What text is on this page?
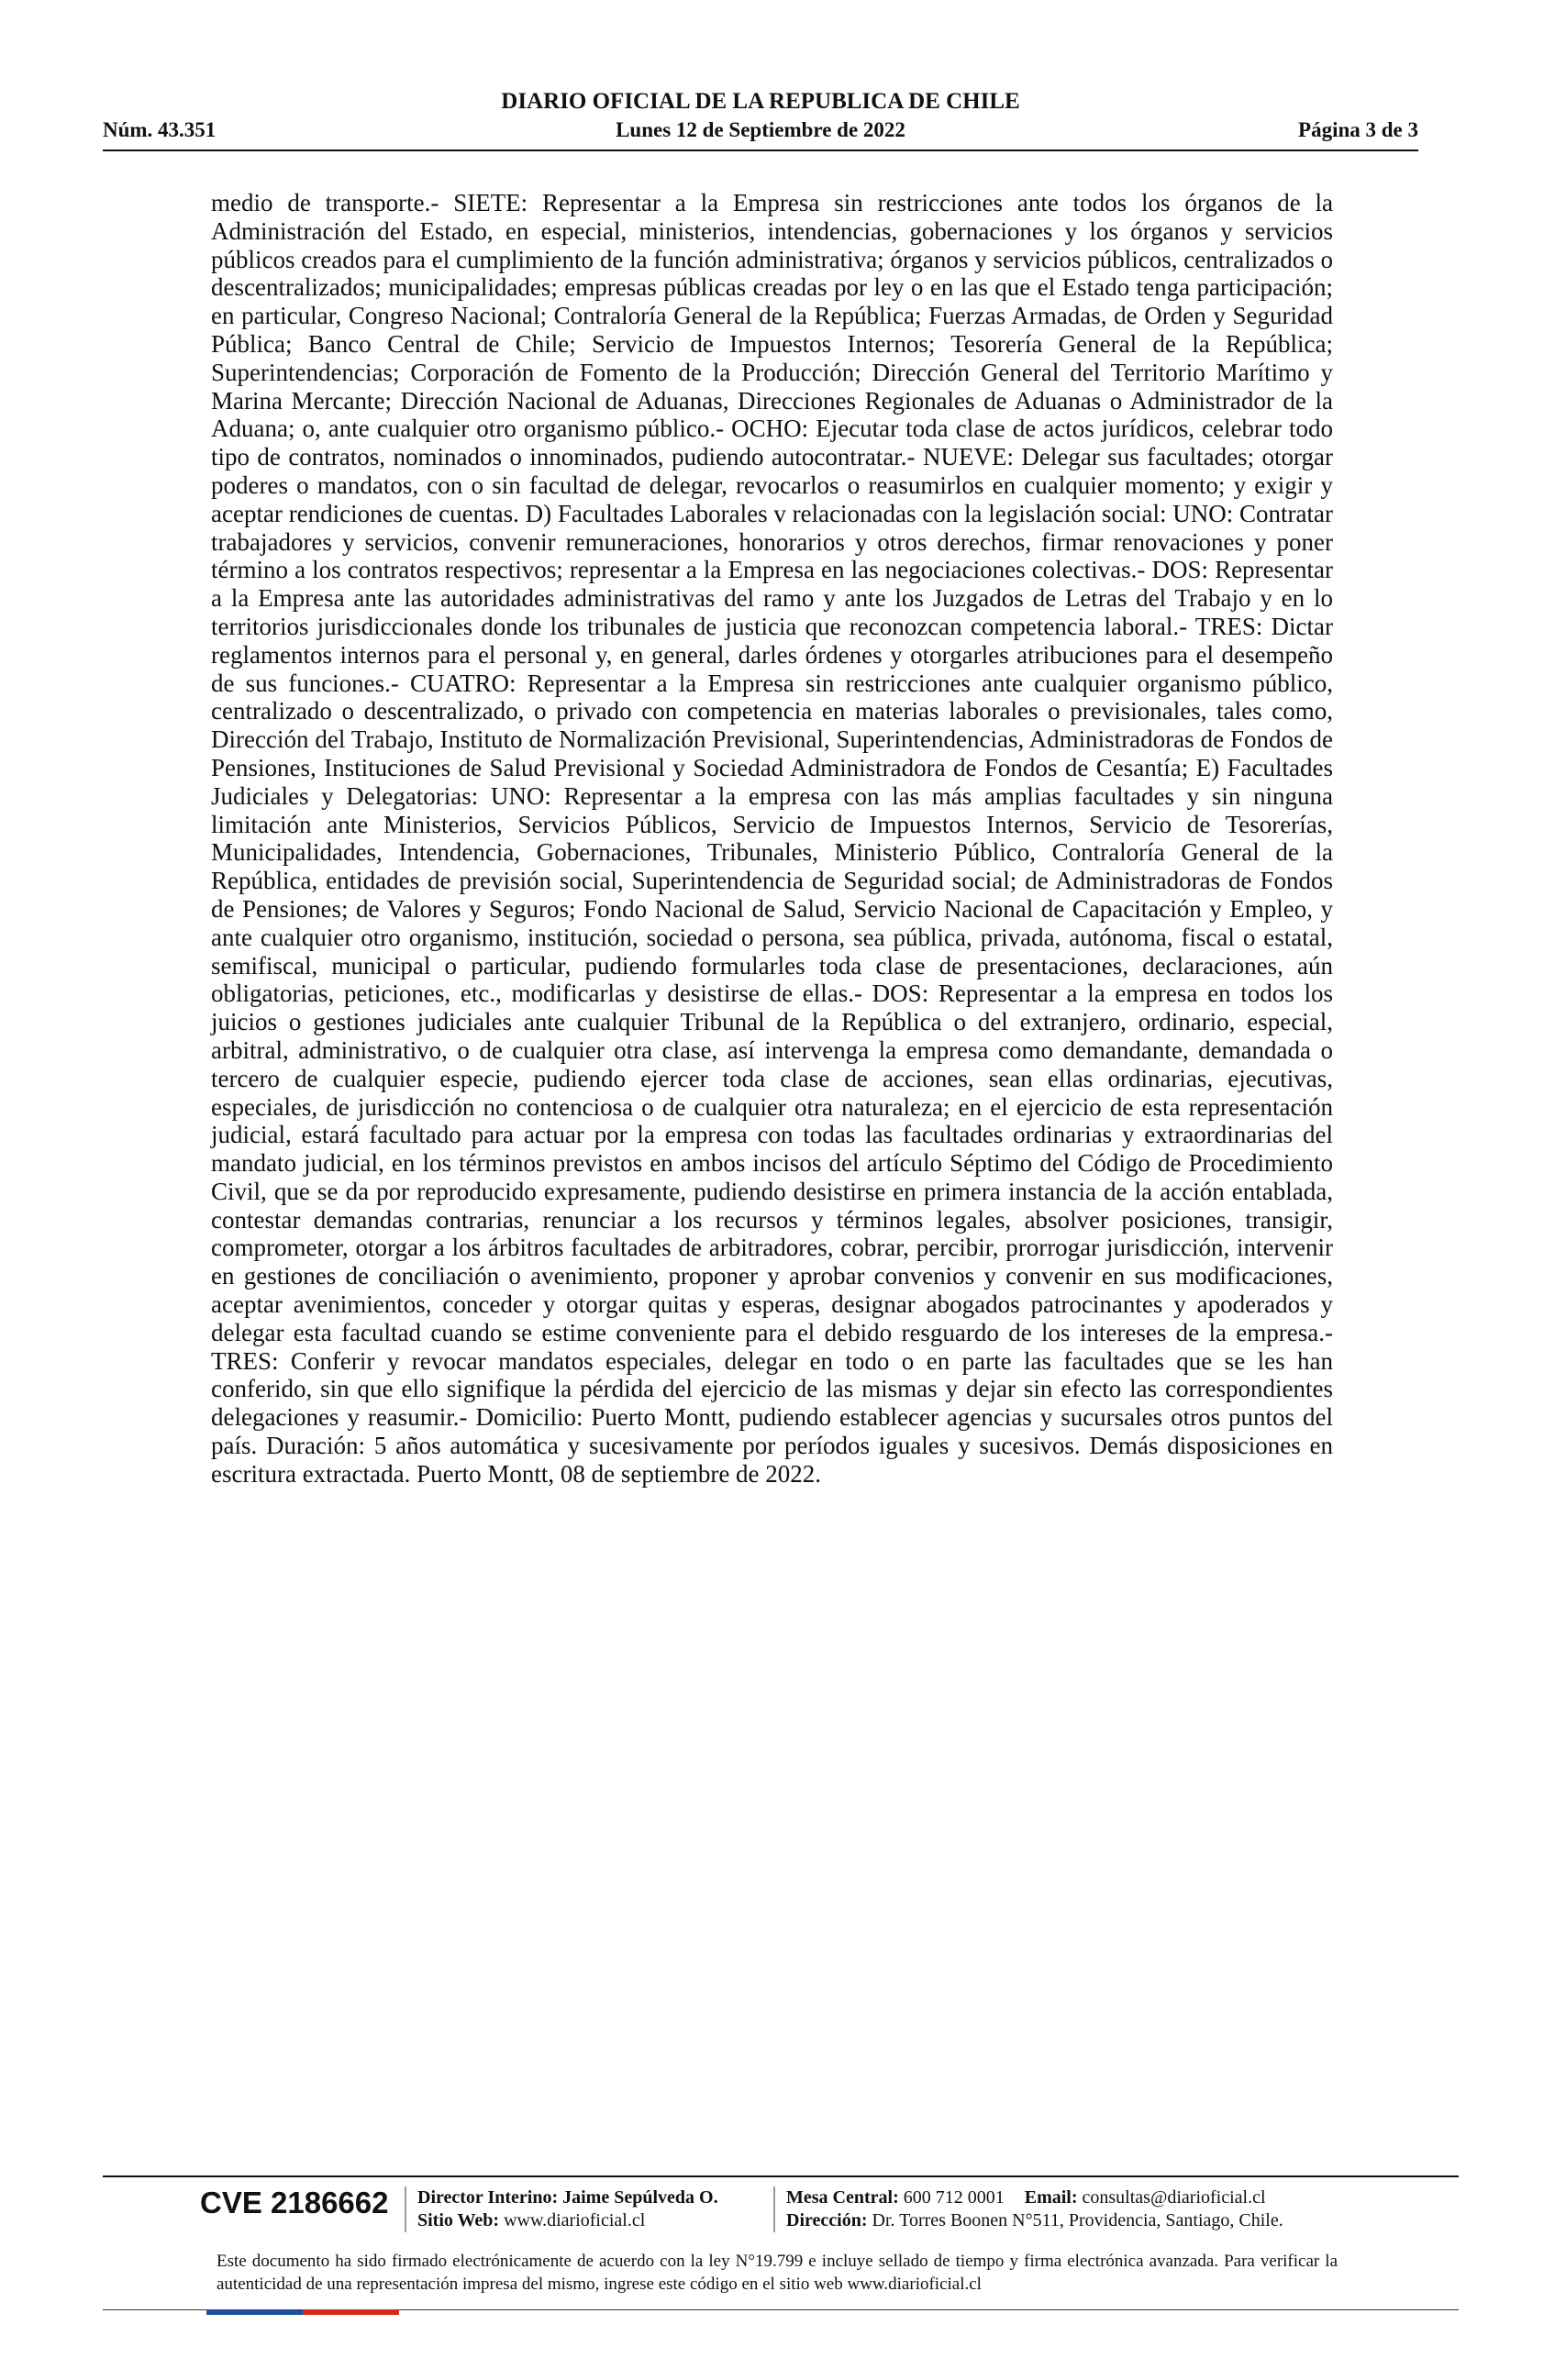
DIARIO OFICIAL DE LA REPUBLICA DE CHILE
Núm. 43.351	Lunes 12 de Septiembre de 2022	Página 3 de 3

medio de transporte.- SIETE: Representar a la Empresa sin restricciones ante todos los órganos de la Administración del Estado, en especial, ministerios, intendencias, gobernaciones y los órganos y servicios públicos creados para el cumplimiento de la función administrativa; órganos y servicios públicos, centralizados o descentralizados; municipalidades; empresas públicas creadas por ley o en las que el Estado tenga participación; en particular, Congreso Nacional; Contraloría General de la República; Fuerzas Armadas, de Orden y Seguridad Pública; Banco Central de Chile; Servicio de Impuestos Internos; Tesorería General de la República; Superintendencias; Corporación de Fomento de la Producción; Dirección General del Territorio Marítimo y Marina Mercante; Dirección Nacional de Aduanas, Direcciones Regionales de Aduanas o Administrador de la Aduana; o, ante cualquier otro organismo público.- OCHO: Ejecutar toda clase de actos jurídicos, celebrar todo tipo de contratos, nominados o innominados, pudiendo autocontratar.- NUEVE: Delegar sus facultades; otorgar poderes o mandatos, con o sin facultad de delegar, revocarlos o reasumirlos en cualquier momento; y exigir y aceptar rendiciones de cuentas. D) Facultades Laborales v relacionadas con la legislación social: UNO: Contratar trabajadores y servicios, convenir remuneraciones, honorarios y otros derechos, firmar renovaciones y poner término a los contratos respectivos; representar a la Empresa en las negociaciones colectivas.- DOS: Representar a la Empresa ante las autoridades administrativas del ramo y ante los Juzgados de Letras del Trabajo y en lo territorios jurisdiccionales donde los tribunales de justicia que reconozcan competencia laboral.- TRES: Dictar reglamentos internos para el personal y, en general, darles órdenes y otorgarles atribuciones para el desempeño de sus funciones.- CUATRO: Representar a la Empresa sin restricciones ante cualquier organismo público, centralizado o descentralizado, o privado con competencia en materias laborales o previsionales, tales como, Dirección del Trabajo, Instituto de Normalización Previsional, Superintendencias, Administradoras de Fondos de Pensiones, Instituciones de Salud Previsional y Sociedad Administradora de Fondos de Cesantía; E) Facultades Judiciales y Delegatorias: UNO: Representar a la empresa con las más amplias facultades y sin ninguna limitación ante Ministerios, Servicios Públicos, Servicio de Impuestos Internos, Servicio de Tesorerías, Municipalidades, Intendencia, Gobernaciones, Tribunales, Ministerio Público, Contraloría General de la República, entidades de previsión social, Superintendencia de Seguridad social; de Administradoras de Fondos de Pensiones; de Valores y Seguros; Fondo Nacional de Salud, Servicio Nacional de Capacitación y Empleo, y ante cualquier otro organismo, institución, sociedad o persona, sea pública, privada, autónoma, fiscal o estatal, semifiscal, municipal o particular, pudiendo formularles toda clase de presentaciones, declaraciones, aún obligatorias, peticiones, etc., modificarlas y desistirse de ellas.- DOS: Representar a la empresa en todos los juicios o gestiones judiciales ante cualquier Tribunal de la República o del extranjero, ordinario, especial, arbitral, administrativo, o de cualquier otra clase, así intervenga la empresa como demandante, demandada o tercero de cualquier especie, pudiendo ejercer toda clase de acciones, sean ellas ordinarias, ejecutivas, especiales, de jurisdicción no contenciosa o de cualquier otra naturaleza; en el ejercicio de esta representación judicial, estará facultado para actuar por la empresa con todas las facultades ordinarias y extraordinarias del mandato judicial, en los términos previstos en ambos incisos del artículo Séptimo del Código de Procedimiento Civil, que se da por reproducido expresamente, pudiendo desistirse en primera instancia de la acción entablada, contestar demandas contrarias, renunciar a los recursos y términos legales, absolver posiciones, transigir, comprometer, otorgar a los árbitros facultades de arbitradores, cobrar, percibir, prorrogar jurisdicción, intervenir en gestiones de conciliación o avenimiento, proponer y aprobar convenios y convenir en sus modificaciones, aceptar avenimientos, conceder y otorgar quitas y esperas, designar abogados patrocinantes y apoderados y delegar esta facultad cuando se estime conveniente para el debido resguardo de los intereses de la empresa.- TRES: Conferir y revocar mandatos especiales, delegar en todo o en parte las facultades que se les han conferido, sin que ello signifique la pérdida del ejercicio de las mismas y dejar sin efecto las correspondientes delegaciones y reasumir.- Domicilio: Puerto Montt, pudiendo establecer agencias y sucursales otros puntos del país. Duración: 5 años automática y sucesivamente por períodos iguales y sucesivos. Demás disposiciones en escritura extractada. Puerto Montt, 08 de septiembre de 2022.

CVE 2186662 Director Interino: Jaime Sepúlveda O.
Sitio Web: www.diarioficial.cl
Mesa Central: 600 712 0001 Email: consultas@diarioficial.cl
Dirección: Dr. Torres Boonen N°511, Providencia, Santiago, Chile.

Este documento ha sido firmado electrónicamente de acuerdo con la ley N°19.799 e incluye sellado de tiempo y firma electrónica avanzada. Para verificar la autenticidad de una representación impresa del mismo, ingrese este código en el sitio web www.diarioficial.cl
